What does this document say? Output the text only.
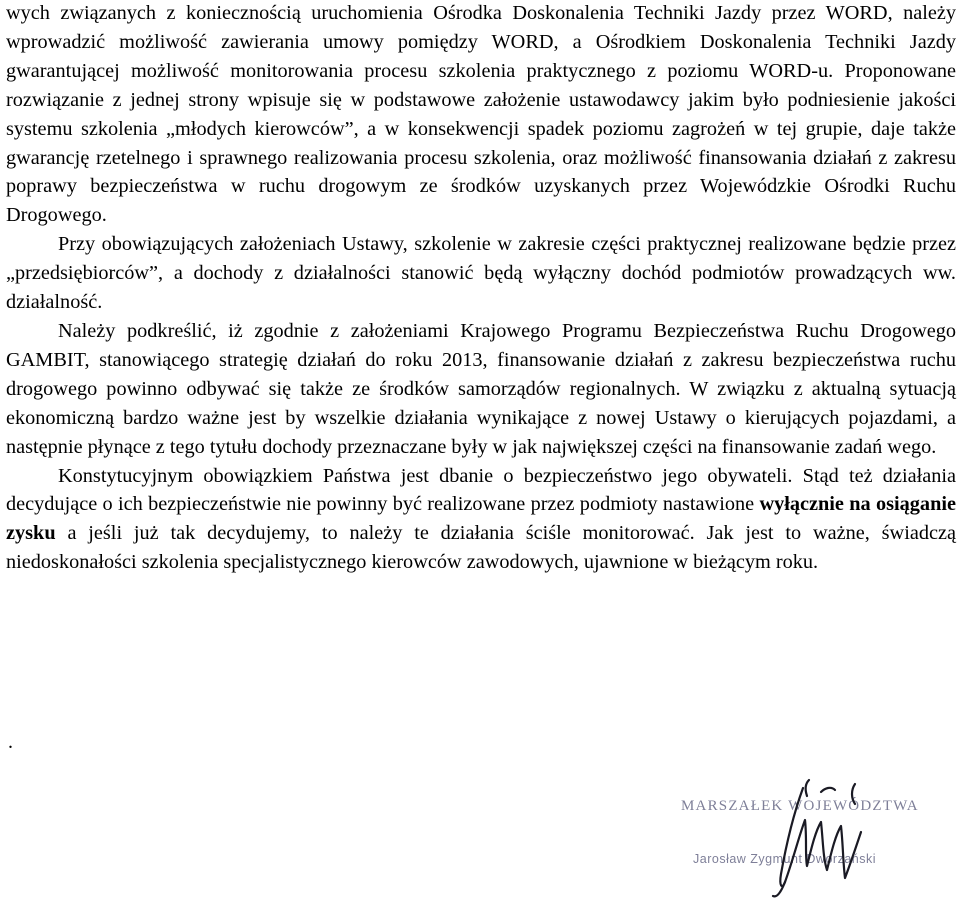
wych związanych z koniecznością uruchomienia Ośrodka Doskonalenia Techniki Jazdy przez WORD, należy wprowadzić możliwość zawierania umowy pomiędzy WORD, a Ośrodkiem Doskonalenia Techniki Jazdy gwarantującej możliwość monitorowania procesu szkolenia praktycznego z poziomu WORD-u. Proponowane rozwiązanie z jednej strony wpisuje się w podstawowe założenie ustawodawcy jakim było podniesienie jakości systemu szkolenia „młodych kierowców”, a w konsekwencji spadek poziomu zagrożeń w tej grupie, daje także gwarancję rzetelnego i sprawnego realizowania procesu szkolenia, oraz możliwość finansowania działań z zakresu poprawy bezpieczeństwa w ruchu drogowym ze środków uzyskanych przez Wojewódzkie Ośrodki Ruchu Drogowego.

Przy obowiązujących założeniach Ustawy, szkolenie w zakresie części praktycznej realizowane będzie przez „przedsiębiorców”, a dochody z działalności stanowić będą wyłączny dochód podmiotów prowadzących ww. działalność.

Należy podkreślić, iż zgodnie z założeniami Krajowego Programu Bezpieczeństwa Ruchu Drogowego GAMBIT, stanowiącego strategię działań do roku 2013, finansowanie działań z zakresu bezpieczeństwa ruchu drogowego powinno odbywać się także ze środków samorządów regionalnych. W związku z aktualną sytuacją ekonomiczną bardzo ważne jest by wszelkie działania wynikające z nowej Ustawy o kierujących pojazdami, a następnie płynące z tego tytułu dochody przeznaczane były w jak największej części na finansowanie zadań wego.

Konstytucyjnym obowiązkiem Państwa jest dbanie o bezpieczeństwo jego obywateli. Stąd też działania decydujące o ich bezpieczeństwie nie powinny być realizowane przez podmioty nastawione wyłącznie na osiąganie zysku a jeśli już tak decydujemy, to należy te działania ściśle monitorować. Jak jest to ważne, świadczą niedoskonałości szkolenia specjalistycznego kierowców zawodowych, ujawnione w bieżącym roku.

.
MARSZAŁEK WOJEWÓDZTWA
Jarosław Zygmunt Dworzański
